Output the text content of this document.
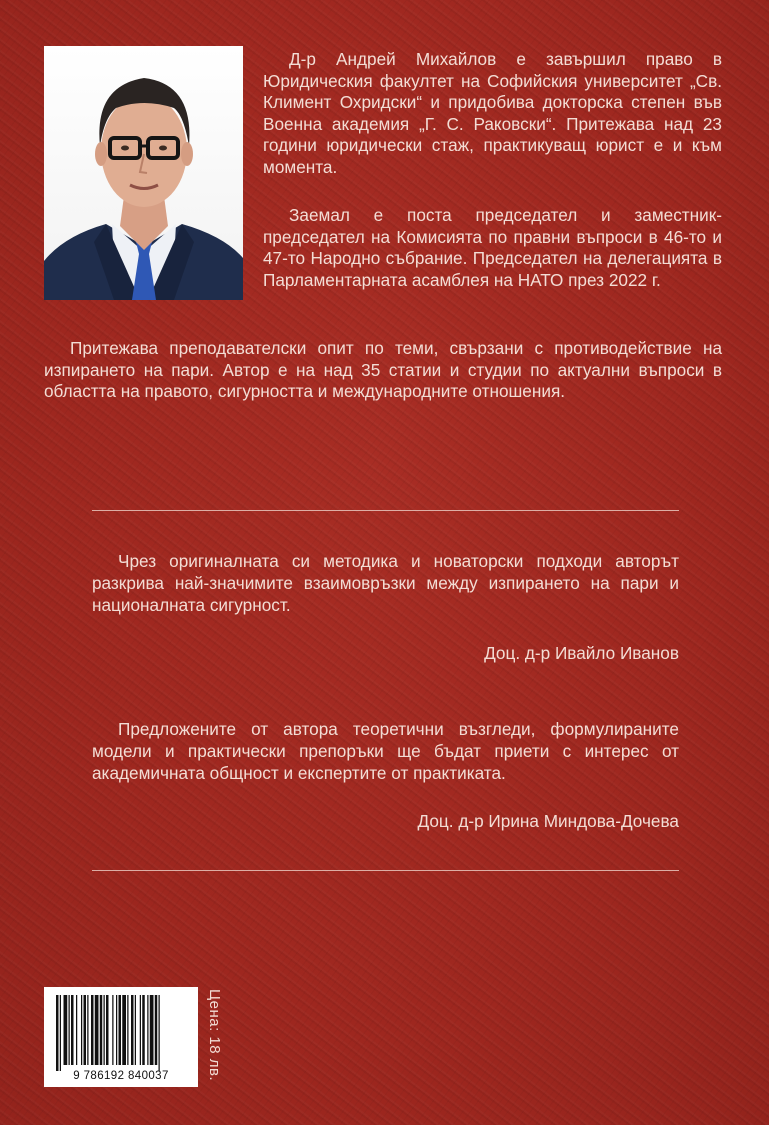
Д-р Андрей Михайлов е завършил право в Юридическия факултет на Софийския университет „Св. Климент Охридски“ и придобива докторска степен във Военна академия „Г. С. Раковски“. Притежава над 23 години юридически стаж, практикуващ юрист е и към момента.

Заемал е поста председател и заместник-председател на Комисията по правни въпроси в 46-то и 47-то Народно събрание. Председател на делегацията в Парламентарната асамблея на НАТО през 2022 г.

Притежава преподавателски опит по теми, свързани с противодействие на изпирането на пари. Автор е на над 35 статии и студии по актуални въпроси в областта на правото, сигурността и международните отношения.

Чрез оригиналната си методика и новаторски подходи авторът разкрива най-значимите взаимовръзки между изпирането на пари и националната сигурност.

Доц. д-р Ивайло Иванов

Предложените от автора теоретични възгледи, формулираните модели и практически препоръки ще бъдат приети с интерес от академичната общност и експертите от практиката.

Доц. д-р Ирина Миндова-Дочева

9 786192 840037	Цена: 18 лв.
